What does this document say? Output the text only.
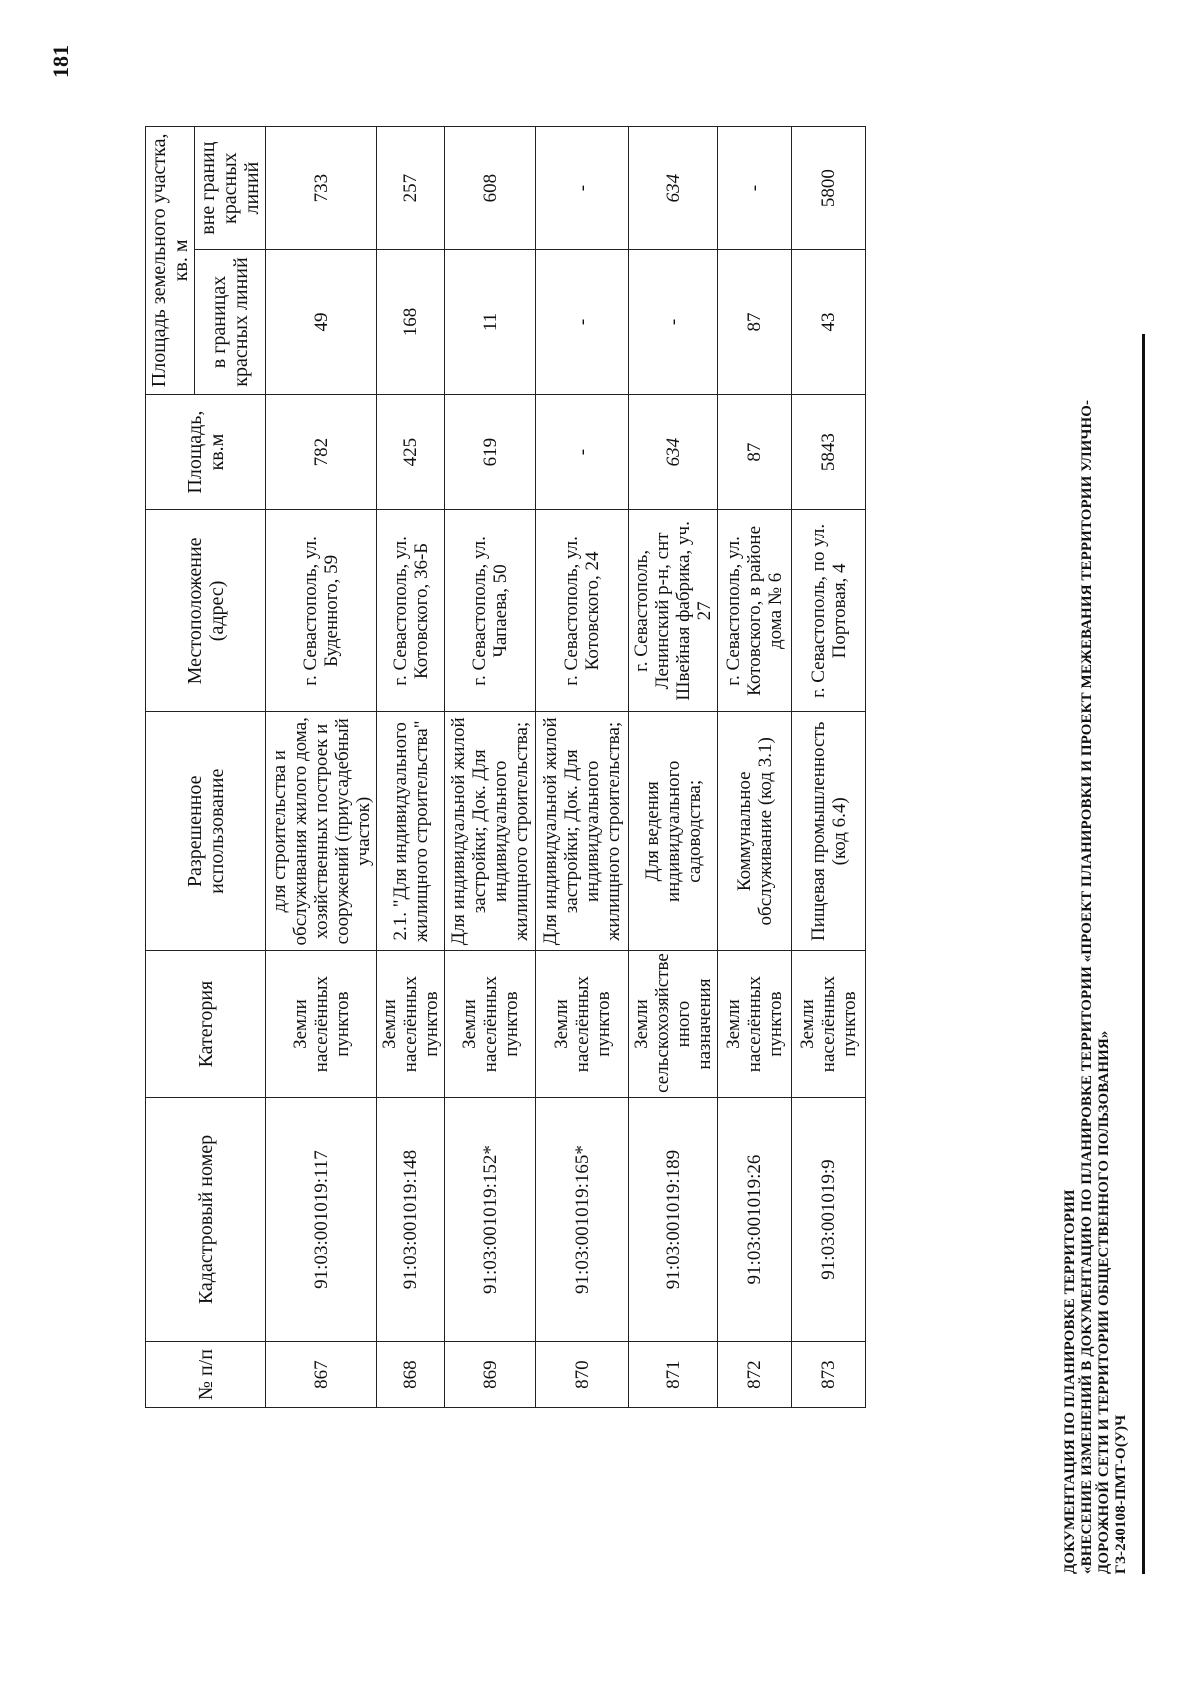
ДОКУМЕНТАЦИЯ ПО ПЛАНИРОВКЕ ТЕРРИТОРИИ «ВНЕСЕНИЕ ИЗМЕНЕНИЙ В ДОКУМЕНТАЦИЮ ПО ПЛАНИРОВКЕ ТЕРРИТОРИИ «ПРОЕКТ ПЛАНИРОВКИ И ПРОЕКТ МЕЖЕВАНИЯ ТЕРРИТОРИИ УЛИЧНО- ДОРОЖНОЙ СЕТИ И ТЕРРИТОРИИ ОБЩЕСТВЕННОГО ПОЛЬЗОВАНИЯ» ГЗ-240108-ПМТ-О(У)Ч
181
№ п/п	Кадастровый номер	Категория	Разрешенное использование	Местоположение (адрес)	Площадь, кв.м	Площадь земельного участка, кв. м	
						в границах красных линий	вне границ красных линий
867	91:03:001019:117	Земли населённых пунктов	для строительства и обслуживания жилого дома, хозяйственных построек и сооружений (приусадебный участок)	г. Севастополь, ул. Буденного, 59	782	49	733
868	91:03:001019:148	Земли населённых пунктов	2.1. "Для индивидуального жилищного строительства"	г. Севастополь, ул. Котовского, 36-Б	425	168	257
869	91:03:001019:152*	Земли населённых пунктов	Для индивидуальной жилой застройки; Док. Для индивидуального жилищного строительства;	г. Севастополь, ул. Чапаева, 50	619	11	608
870	91:03:001019:165*	Земли населённых пунктов	Для индивидуальной жилой застройки; Док. Для индивидуального жилищного строительства;	г. Севастополь, ул. Котовского, 24	-	-	-
871	91:03:001019:189	Земли сельскохозяйстве нного назначения	Для ведения индивидуального садоводства;	г. Севастополь, Ленинский р-н, снт Швейная фабрика, уч. 27	634	-	634
872	91:03:001019:26	Земли населённых пунктов	Коммунальное обслуживание (код 3.1)	г. Севастополь, ул. Котовского, в районе дома № 6	87	87	-
873	91:03:001019:9	Земли населённых пунктов	Пищевая промышленность (код 6.4)	г. Севастополь, по ул. Портовая, 4	5843	43	5800
